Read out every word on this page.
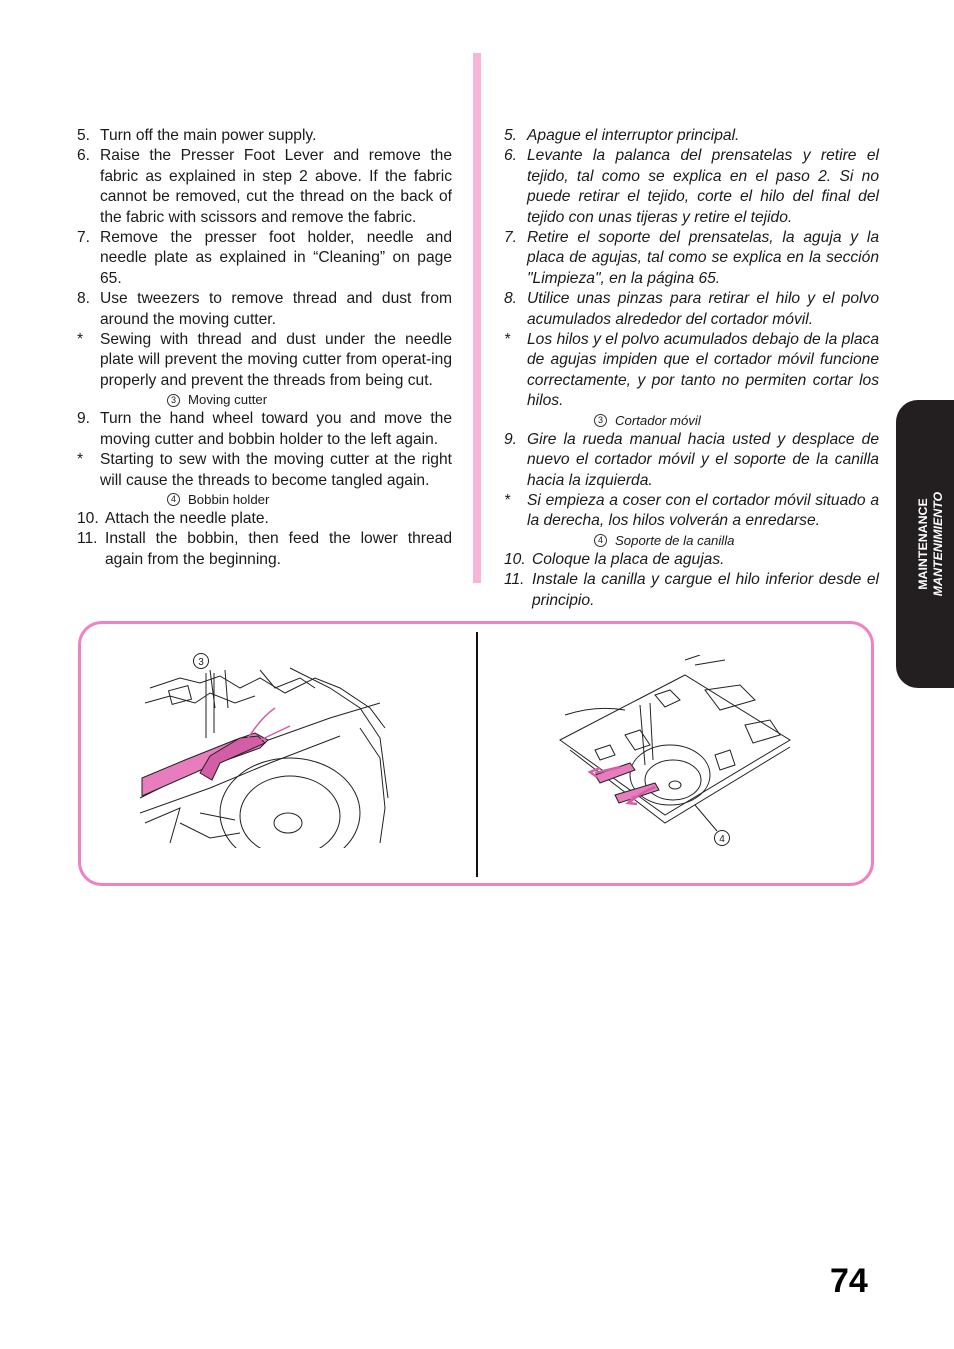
5. Turn off the main power supply.
6. Raise the Presser Foot Lever and remove the fabric as explained in step 2 above. If the fabric cannot be removed, cut the thread on the back of the fabric with scissors and remove the fabric.
7. Remove the presser foot holder, needle and needle plate as explained in “Cleaning” on page 65.
8. Use tweezers to remove thread and dust from around the moving cutter.
*	Sewing with thread and dust under the needle plate will prevent the moving cutter from operat-ing properly and prevent the threads from being cut.
3 Moving cutter
9. Turn the hand wheel toward you and move the moving cutter and bobbin holder to the left again.
*	Starting to sew with the moving cutter at the right will cause the threads to become tangled again.
4 Bobbin holder
10. Attach the needle plate.
11. Install the bobbin, then feed the lower thread again from the beginning.
5. Apague el interruptor principal.
6. Levante la palanca del prensatelas y retire el tejido, tal como se explica en el paso 2. Si no puede retirar el tejido, corte el hilo del final del tejido con unas tijeras y retire el tejido.
7. Retire el soporte del prensatelas, la aguja y la placa de agujas, tal como se explica en la sección "Limpieza", en la página 65.
8. Utilice unas pinzas para retirar el hilo y el polvo acumulados alrededor del cortador móvil.
*	Los hilos y el polvo acumulados debajo de la placa de agujas impiden que el cortador móvil funcione correctamente, y por tanto no permiten cortar los hilos.
3 Cortador móvil
9. Gire la rueda manual hacia usted y desplace de nuevo el cortador móvil y el soporte de la canilla hacia la izquierda.
*	Si empieza a coser con el cortador móvil situado a la derecha, los hilos volverán a enredarse.
4 Soporte de la canilla
10. Coloque la placa de agujas.
11. Instale la canilla y cargue el hilo inferior desde el principio.
MAINTENANCE MANTENIMIENTO
3
4
74
